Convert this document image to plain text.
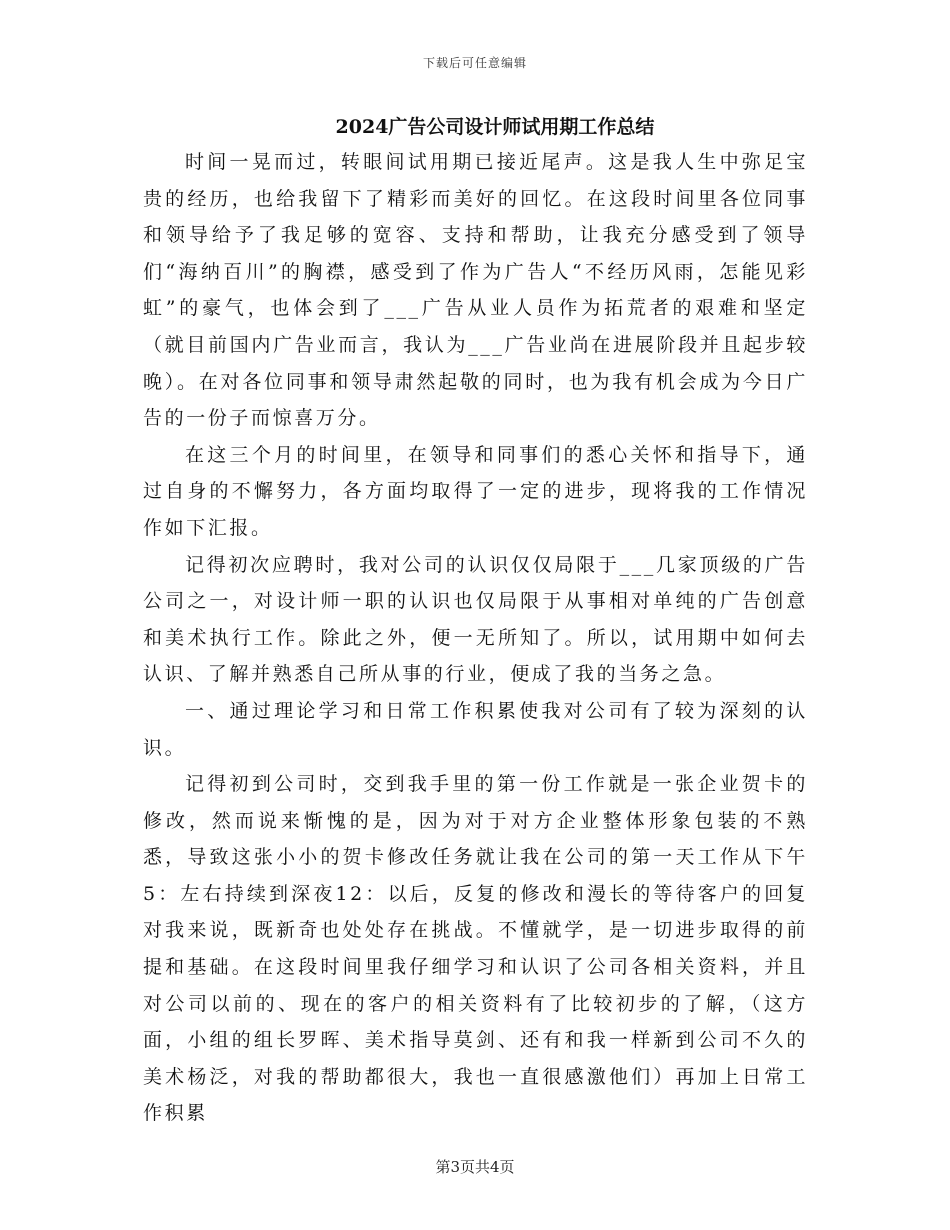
下载后可任意编辑
2024广告公司设计师试用期工作总结

时间一晃而过，转眼间试用期已接近尾声。这是我人生中弥足宝贵的经历，也给我留下了精彩而美好的回忆。在这段时间里各位同事和领导给予了我足够的宽容、支持和帮助，让我充分感受到了领导们“海纳百川”的胸襟，感受到了作为广告人“不经历风雨，怎能见彩虹”的豪气，也体会到了___广告从业人员作为拓荒者的艰难和坚定（就目前国内广告业而言，我认为___广告业尚在进展阶段并且起步较晚）。在对各位同事和领导肃然起敬的同时，也为我有机会成为今日广告的一份子而惊喜万分。

在这三个月的时间里，在领导和同事们的悉心关怀和指导下，通过自身的不懈努力，各方面均取得了一定的进步，现将我的工作情况作如下汇报。

记得初次应聘时，我对公司的认识仅仅局限于___几家顶级的广告公司之一，对设计师一职的认识也仅局限于从事相对单纯的广告创意和美术执行工作。除此之外，便一无所知了。所以，试用期中如何去认识、了解并熟悉自己所从事的行业，便成了我的当务之急。

一、通过理论学习和日常工作积累使我对公司有了较为深刻的认识。

记得初到公司时，交到我手里的第一份工作就是一张企业贺卡的修改，然而说来惭愧的是，因为对于对方企业整体形象包装的不熟悉，导致这张小小的贺卡修改任务就让我在公司的第一天工作从下午5：左右持续到深夜12：以后，反复的修改和漫长的等待客户的回复对我来说，既新奇也处处存在挑战。不懂就学，是一切进步取得的前提和基础。在这段时间里我仔细学习和认识了公司各相关资料，并且对公司以前的、现在的客户的相关资料有了比较初步的了解，（这方面，小组的组长罗晖、美术指导莫剑、还有和我一样新到公司不久的美术杨泛，对我的帮助都很大，我也一直很感激他们）再加上日常工作积累

第3页共4页
